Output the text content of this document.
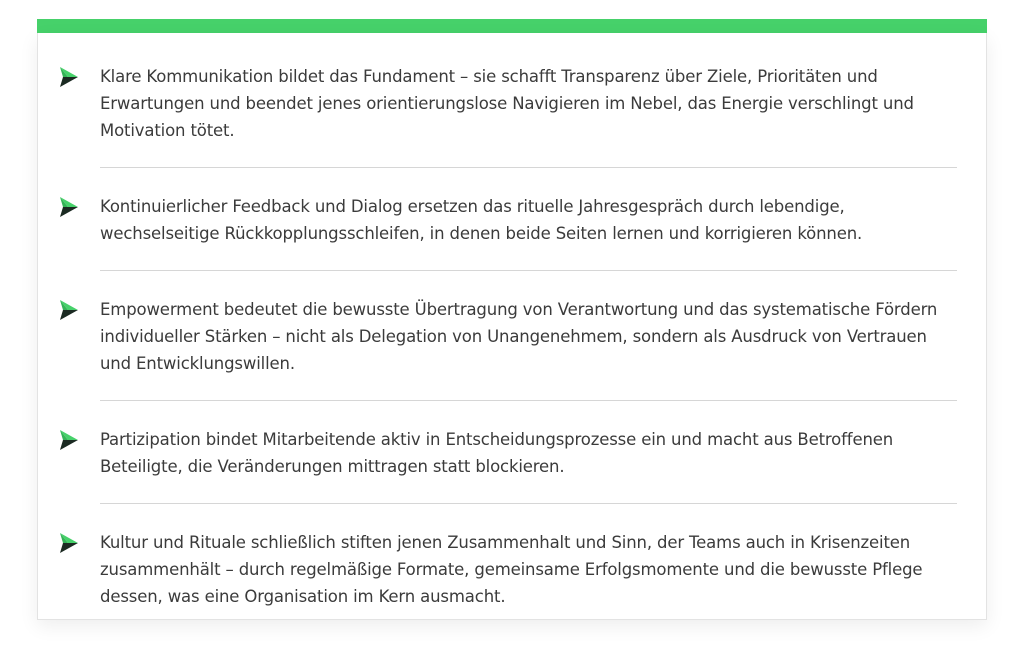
Klare Kommunikation bildet das Fundament – sie schafft Transparenz über Ziele, Prioritäten und Erwartungen und beendet jenes orientierungslose Navigieren im Nebel, das Energie verschlingt und Motivation tötet.
Kontinuierlicher Feedback und Dialog ersetzen das rituelle Jahresgespräch durch lebendige, wechselseitige Rückkopplungsschleifen, in denen beide Seiten lernen und korrigieren können.
Empowerment bedeutet die bewusste Übertragung von Verantwortung und das systematische Fördern individueller Stärken – nicht als Delegation von Unangenehmem, sondern als Ausdruck von Vertrauen und Entwicklungswillen.
Partizipation bindet Mitarbeitende aktiv in Entscheidungsprozesse ein und macht aus Betroffenen Beteiligte, die Veränderungen mittragen statt blockieren.
Kultur und Rituale schließlich stiften jenen Zusammenhalt und Sinn, der Teams auch in Krisenzeiten zusammenhält – durch regelmäßige Formate, gemeinsame Erfolgsmomente und die bewusste Pflege dessen, was eine Organisation im Kern ausmacht.
